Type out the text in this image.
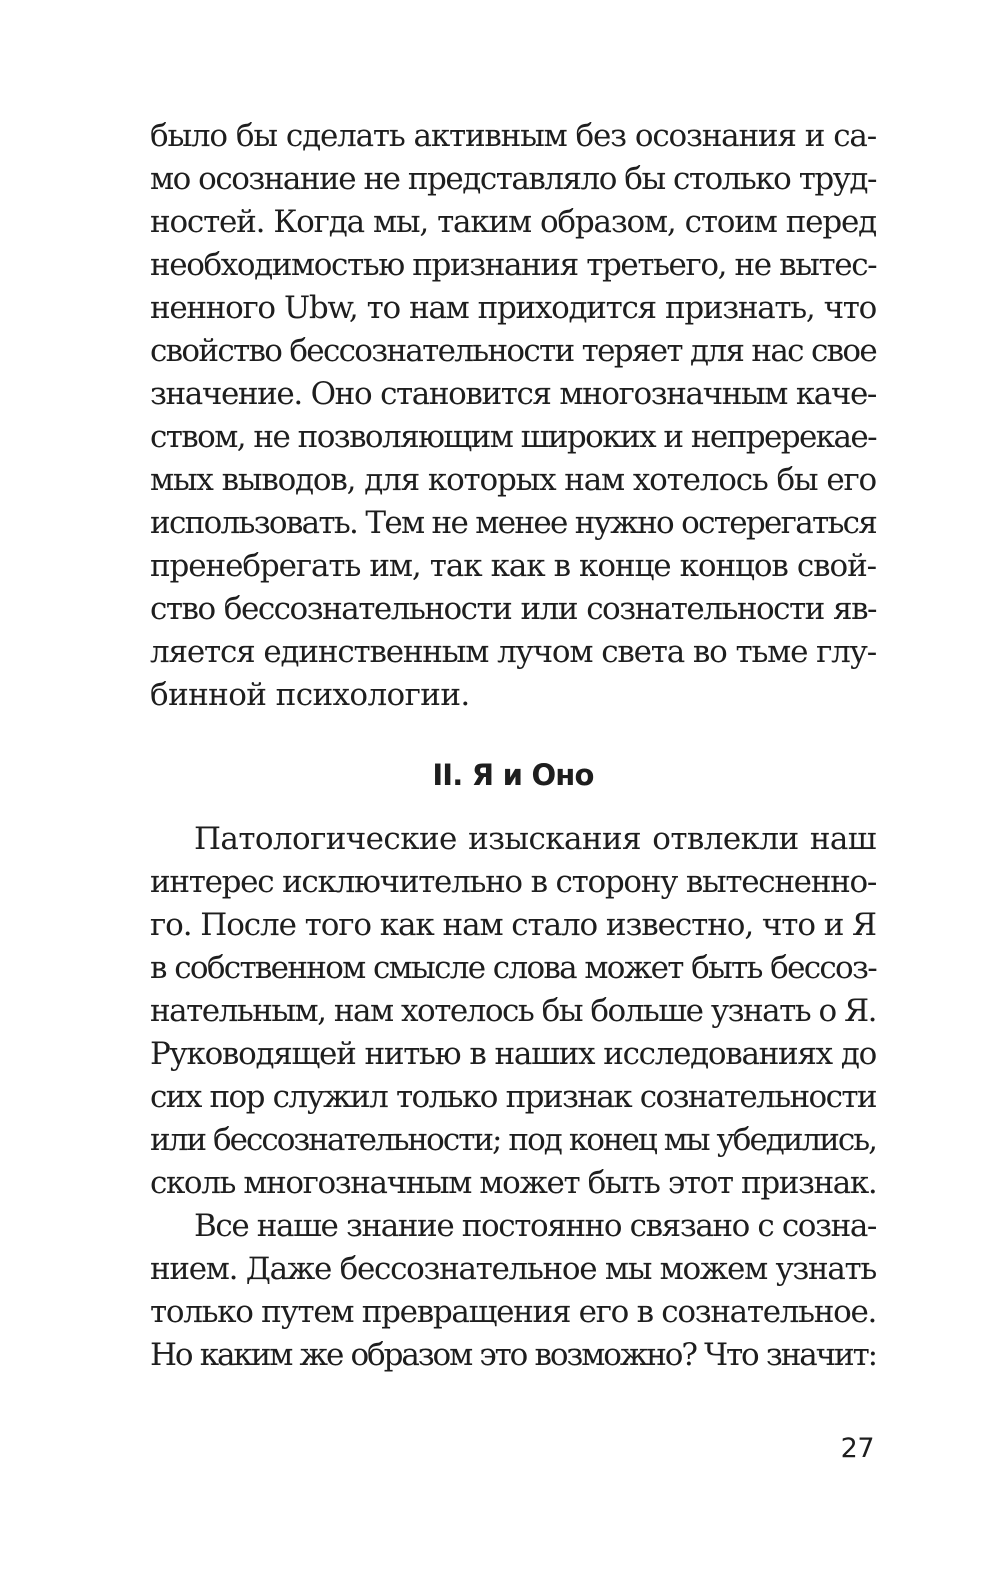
было бы сделать активным без осознания и са-
мо осознание не представляло бы столько труд-
ностей. Когда мы, таким образом, стоим перед
необходимостью признания третьего, не вытес-
ненного Ubw, то нам приходится признать, что
свойство бессознательности теряет для нас свое
значение. Оно становится многозначным каче-
ством, не позволяющим широких и непререкае-
мых выводов, для которых нам хотелось бы его
использовать. Тем не менее нужно остерегаться
пренебрегать им, так как в конце концов свой-
ство бессознательности или сознательности яв-
ляется единственным лучом света во тьме глу-
бинной психологии.
II. Я и Оно
Патологические изыскания отвлекли наш
интерес исключительно в сторону вытесненно-
го. После того как нам стало известно, что и Я
в собственном смысле слова может быть бессоз-
нательным, нам хотелось бы больше узнать о Я.
Руководящей нитью в наших исследованиях до
сих пор служил только признак сознательности
или бессознательности; под конец мы убедились,
сколь многозначным может быть этот признак.
Все наше знание постоянно связано с созна-
нием. Даже бессознательное мы можем узнать
только путем превращения его в сознательное.
Но каким же образом это возможно? Что значит:
27
